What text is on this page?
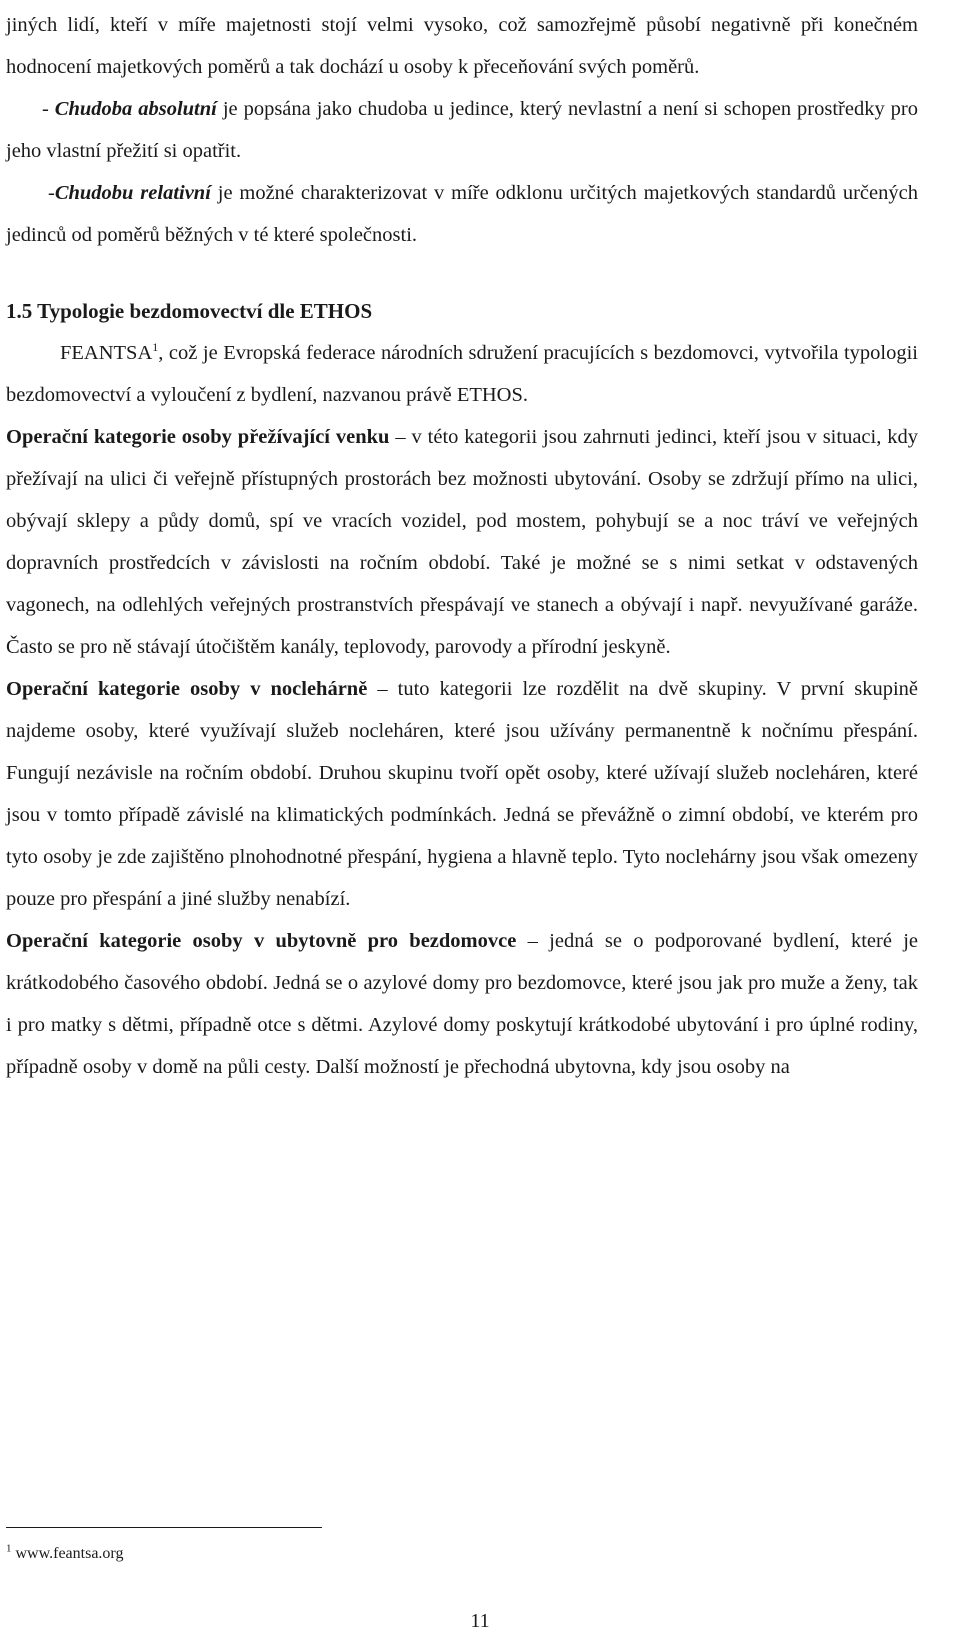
jiných lidí, kteří v míře majetnosti stojí velmi vysoko, což samozřejmě působí negativně při konečném hodnocení majetkových poměrů a tak dochází u osoby k přeceňování svých poměrů.

- Chudoba absolutní je popsána jako chudoba u jedince, který nevlastní a není si schopen prostředky pro jeho vlastní přežití si opatřit.

-Chudobu relativní je možné charakterizovat v míře odklonu určitých majetkových standardů určených jedinců od poměrů běžných v té které společnosti.

1.5 Typologie bezdomovectví dle ETHOS

FEANTSA$^1$, což je Evropská federace národních sdružení pracujících s bezdomovci, vytvořila typologii bezdomovectví a vyloučení z bydlení, nazvanou právě ETHOS.

Operační kategorie osoby přežívající venku – v této kategorii jsou zahrnuti jedinci, kteří jsou v situaci, kdy přežívají na ulici či veřejně přístupných prostorách bez možnosti ubytování. Osoby se zdržují přímo na ulici, obývají sklepy a půdy domů, spí ve vracích vozidel, pod mostem, pohybují se a noc tráví ve veřejných dopravních prostředcích v závislosti na ročním období. Také je možné se s nimi setkat v odstavených vagonech, na odlehlých veřejných prostranstvích přespávají ve stanech a obývají i např. nevyužívané garáže. Často se pro ně stávají útočištěm kanály, teplovody, parovody a přírodní jeskyně.

Operační kategorie osoby v noclehárně – tuto kategorii lze rozdělit na dvě skupiny. V první skupině najdeme osoby, které využívají služeb nocleháren, které jsou užívány permanentně k nočnímu přespání. Fungují nezávisle na ročním období. Druhou skupinu tvoří opět osoby, které užívají služeb nocleháren, které jsou v tomto případě závislé na klimatických podmínkách. Jedná se převážně o zimní období, ve kterém pro tyto osoby je zde zajištěno plnohodnotné přespání, hygiena a hlavně teplo. Tyto noclehárny jsou však omezeny pouze pro přespání a jiné služby nenabízí.

Operační kategorie osoby v ubytovně pro bezdomovce – jedná se o podporované bydlení, které je krátkodobého časového období. Jedná se o azylové domy pro bezdomovce, které jsou jak pro muže a ženy, tak i pro matky s dětmi, případně otce s dětmi. Azylové domy poskytují krátkodobé ubytování i pro úplné rodiny, případně osoby v domě na půli cesty. Další možností je přechodná ubytovna, kdy jsou osoby na

$^1$ www.feantsa.org
11
